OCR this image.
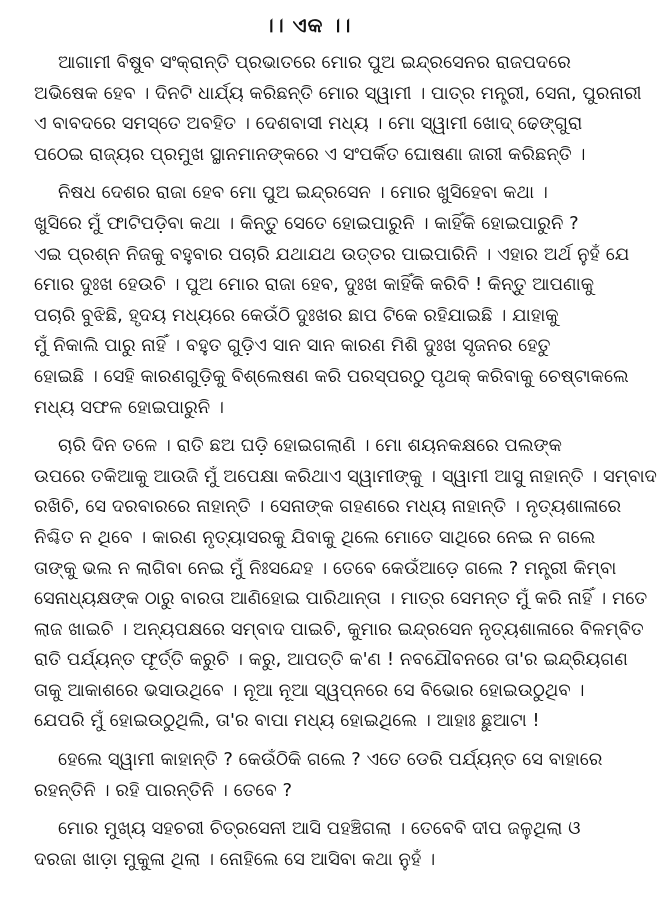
।। ଏକ ।।
ଆଗାମୀ ବିଷୁବ ସଂକ୍ରାନ୍ତି ପ୍ରଭାତରେ ମୋର ପୁଅ ଇନ୍ଦ୍ରସେନର ରାଜପଦରେ
ଅଭିଷେକ ହେବ । ଦିନଟି ଧାର୍ଯ୍ୟ କରିଛନ୍ତି ମୋର ସ୍ୱାମୀ । ପାତ୍ର ମନ୍ତ୍ରୀ, ସେନା, ପୁରନାରୀ
ଏ ବାବଦରେ ସମସ୍ତେ ଅବହିତ । ଦେଶବାସୀ ମଧ୍ୟ । ମୋ ସ୍ୱାମୀ ଖୋଦ୍ ଢେଙ୍ଗୁରା
ପଠେଇ ରାଜ୍ୟର ପ୍ରମୁଖ ସ୍ଥାନମାନଙ୍କରେ ଏ ସଂପର୍କିତ ଘୋଷଣା ଜାରୀ କରିଛନ୍ତି ।
ନିଷଧ ଦେଶର ରାଜା ହେବ ମୋ ପୁଅ ଇନ୍ଦ୍ରସେନ । ମୋର ଖୁସିହେବା କଥା ।
ଖୁସିରେ ମୁଁ ଫାଟିପଡ଼ିବା କଥା । କିନ୍ତୁ ସେତେ ହୋଇପାରୁନି । କାହିଁକି ହୋଇପାରୁନି ?
ଏଇ ପ୍ରଶ୍ନ ନିଜକୁ ବହୁବାର ପଚାରି ଯଥାଯଥ ଉତ୍ତର ପାଇପାରିନି । ଏହାର ଅର୍ଥ ନୁହଁ ଯେ
ମୋର ଦୁଃଖ ହେଉଚି । ପୁଅ ମୋର ରାଜା ହେବ, ଦୁଃଖ କାହିଁକି କରିବି ! କିନ୍ତୁ ଆପଣାକୁ
ପଚାରି ବୁଝିଛି, ହୃଦୟ ମଧ୍ୟରେ କେଉଁଠି ଦୁଃଖର ଛାପ ଟିକେ ରହିଯାଇଛି । ଯାହାକୁ
ମୁଁ ନିକାଲି ପାରୁ ନାହିଁ । ବହୁତ ଗୁଡ଼ିଏ ସାନ ସାନ କାରଣ ମିଶି ଦୁଃଖ ସୃଜନର ହେତୁ
ହୋଇଛି । ସେହି କାରଣଗୁଡ଼ିକୁ ବିଶ୍ଲେଷଣ କରି ପରସ୍ପରଠୁ ପୃଥକ୍ କରିବାକୁ ଚେଷ୍ଟାକଲେ
ମଧ୍ୟ ସଫଳ ହୋଇପାରୁନି ।
ଚାରି ଦିନ ତଳେ । ରାତି ଛଅ ଘଡ଼ି ହୋଇଗଲାଣି । ମୋ ଶୟନକକ୍ଷରେ ପଲଙ୍କ
ଉପରେ ତକିଆକୁ ଆଉଜି ମୁଁ ଅପେକ୍ଷା କରିଥାଏ ସ୍ୱାମୀଙ୍କୁ । ସ୍ୱାମୀ ଆସୁ ନାହାନ୍ତି । ସମ୍ବାଦ
ରଖିଚି, ସେ ଦରବାରରେ ନାହାନ୍ତି । ସେନାଙ୍କ ଗହଣରେ ମଧ୍ୟ ନାହାନ୍ତି । ନୃତ୍ୟଶାଳାରେ
ନିଶ୍ଚିତ ନ ଥିବେ । କାରଣ ନୃତ୍ୟାସରକୁ ଯିବାକୁ ଥିଲେ ମୋତେ ସାଥିରେ ନେଇ ନ ଗଲେ
ତାଙ୍କୁ ଭଲ ନ ଲାଗିବା ନେଇ ମୁଁ ନିଃସନ୍ଦେହ । ତେବେ କେଉଁଆଡ଼େ ଗଲେ ? ମନ୍ତ୍ରୀ କିମ୍ବା
ସେନାଧ୍ୟକ୍ଷଙ୍କ ଠାରୁ ବାରତା ଆଣିହୋଇ ପାରିଥାନ୍ତା । ମାତ୍ର ସେମନ୍ତ ମୁଁ କରି ନାହିଁ । ମତେ
ଲାଜ ଖାଇଚି । ଅନ୍ୟପକ୍ଷରେ ସମ୍ବାଦ ପାଇଚି, କୁମାର ଇନ୍ଦ୍ରସେନ ନୃତ୍ୟଶାଳାରେ ବିଳମ୍ବିତ
ରାତି ପର୍ଯ୍ୟନ୍ତ ଫୂର୍ତ୍ତି କରୁଚି । କରୁ, ଆପତ୍ତି କ'ଣ ! ନବଯୌବନରେ ତା'ର ଇନ୍ଦ୍ରିୟଗଣ
ତାକୁ ଆକାଶରେ ଭସାଉଥିବେ । ନୂଆ ନୂଆ ସ୍ୱପ୍ନରେ ସେ ବିଭୋର ହୋଇଉଠୁଥିବ ।
ଯେପରି ମୁଁ ହୋଇଉଠୁଥିଲି, ତା'ର ବାପା ମଧ୍ୟ ହୋଇଥିଲେ । ଆହାଃ ଛୁଆଟା !
ହେଲେ ସ୍ୱାମୀ କାହାନ୍ତି ? କେଉଁଠିକି ଗଲେ ? ଏତେ ଡେରି ପର୍ଯ୍ୟନ୍ତ ସେ ବାହାରେ
ରହନ୍ତିନି । ରହି ପାରନ୍ତିନି । ତେବେ ?
ମୋର ମୁଖ୍ୟ ସହଚରୀ ଚିତ୍ରସେନୀ ଆସି ପହଞ୍ଚିଗଲା । ତେବେବି ଦୀପ ଜଳୁଥିଲା ଓ
ଦରଜା ଖାଡ଼ା ମୁକୁଳା ଥିଲା । ନୋହିଲେ ସେ ଆସିବା କଥା ନୁହଁ ।
